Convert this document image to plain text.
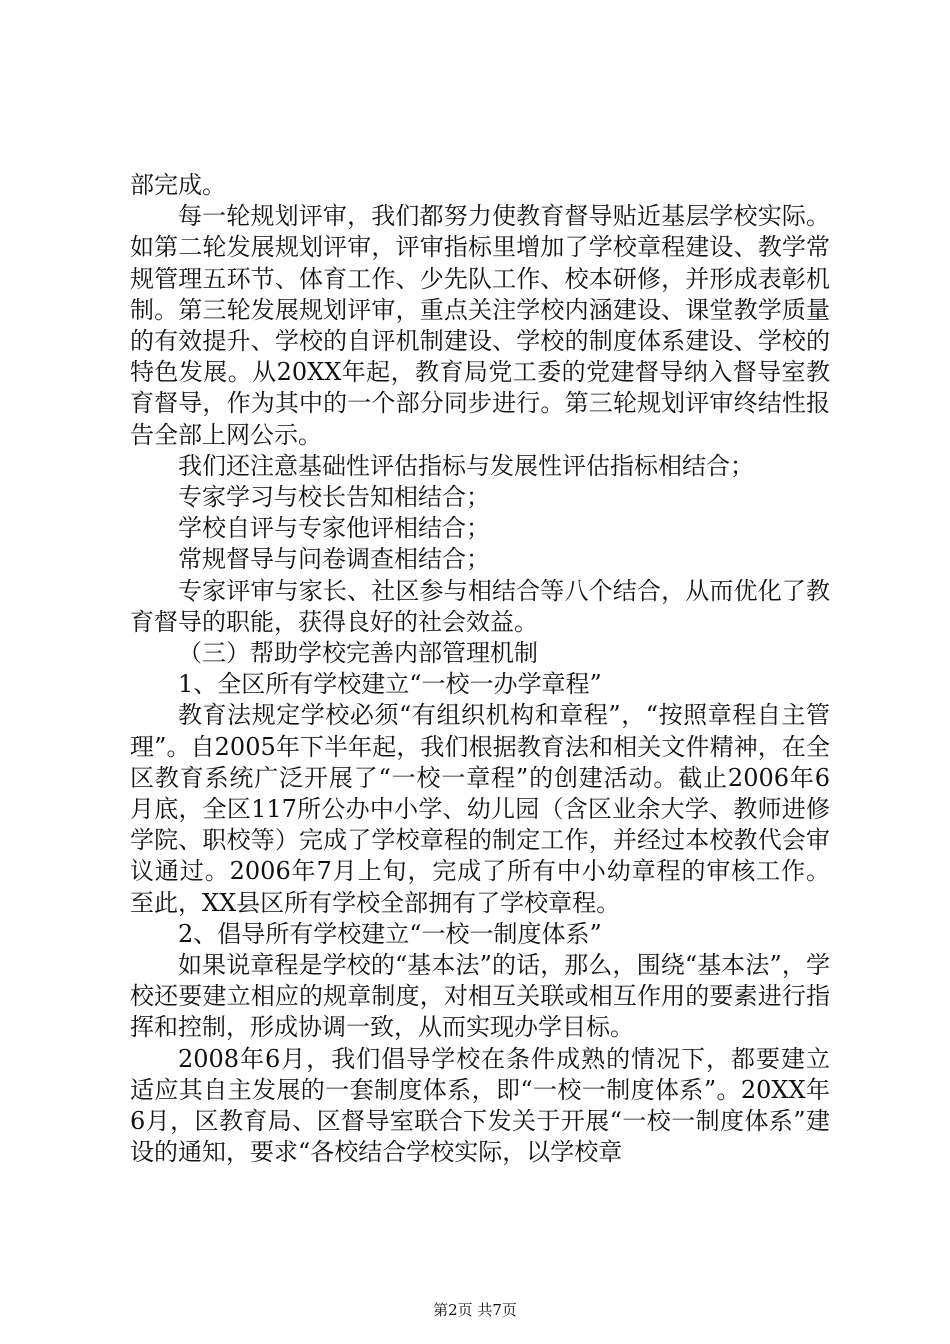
部完成。

每一轮规划评审，我们都努力使教育督导贴近基层学校实际。如第二轮发展规划评审，评审指标里增加了学校章程建设、教学常规管理五环节、体育工作、少先队工作、校本研修，并形成表彰机制。第三轮发展规划评审，重点关注学校内涵建设、课堂教学质量的有效提升、学校的自评机制建设、学校的制度体系建设、学校的特色发展。从20XX年起，教育局党工委的党建督导纳入督导室教育督导，作为其中的一个部分同步进行。第三轮规划评审终结性报告全部上网公示。

我们还注意基础性评估指标与发展性评估指标相结合；

专家学习与校长告知相结合；

学校自评与专家他评相结合；

常规督导与问卷调查相结合；

专家评审与家长、社区参与相结合等八个结合，从而优化了教育督导的职能，获得良好的社会效益。

（三）帮助学校完善内部管理机制

1、全区所有学校建立“一校一办学章程”

教育法规定学校必须“有组织机构和章程”，“按照章程自主管理”。自2005年下半年起，我们根据教育法和相关文件精神，在全区教育系统广泛开展了“一校一章程”的创建活动。截止2006年6月底，全区117所公办中小学、幼儿园（含区业余大学、教师进修学院、职校等）完成了学校章程的制定工作，并经过本校教代会审议通过。2006年7月上旬，完成了所有中小幼章程的审核工作。至此，XX县区所有学校全部拥有了学校章程。

2、倡导所有学校建立“一校一制度体系”

如果说章程是学校的“基本法”的话，那么，围绕“基本法”，学校还要建立相应的规章制度，对相互关联或相互作用的要素进行指挥和控制，形成协调一致，从而实现办学目标。

2008年6月，我们倡导学校在条件成熟的情况下，都要建立适应其自主发展的一套制度体系，即“一校一制度体系”。20XX年6月，区教育局、区督导室联合下发关于开展“一校一制度体系”建设的通知，要求“各校结合学校实际，以学校章

第2页 共7页
